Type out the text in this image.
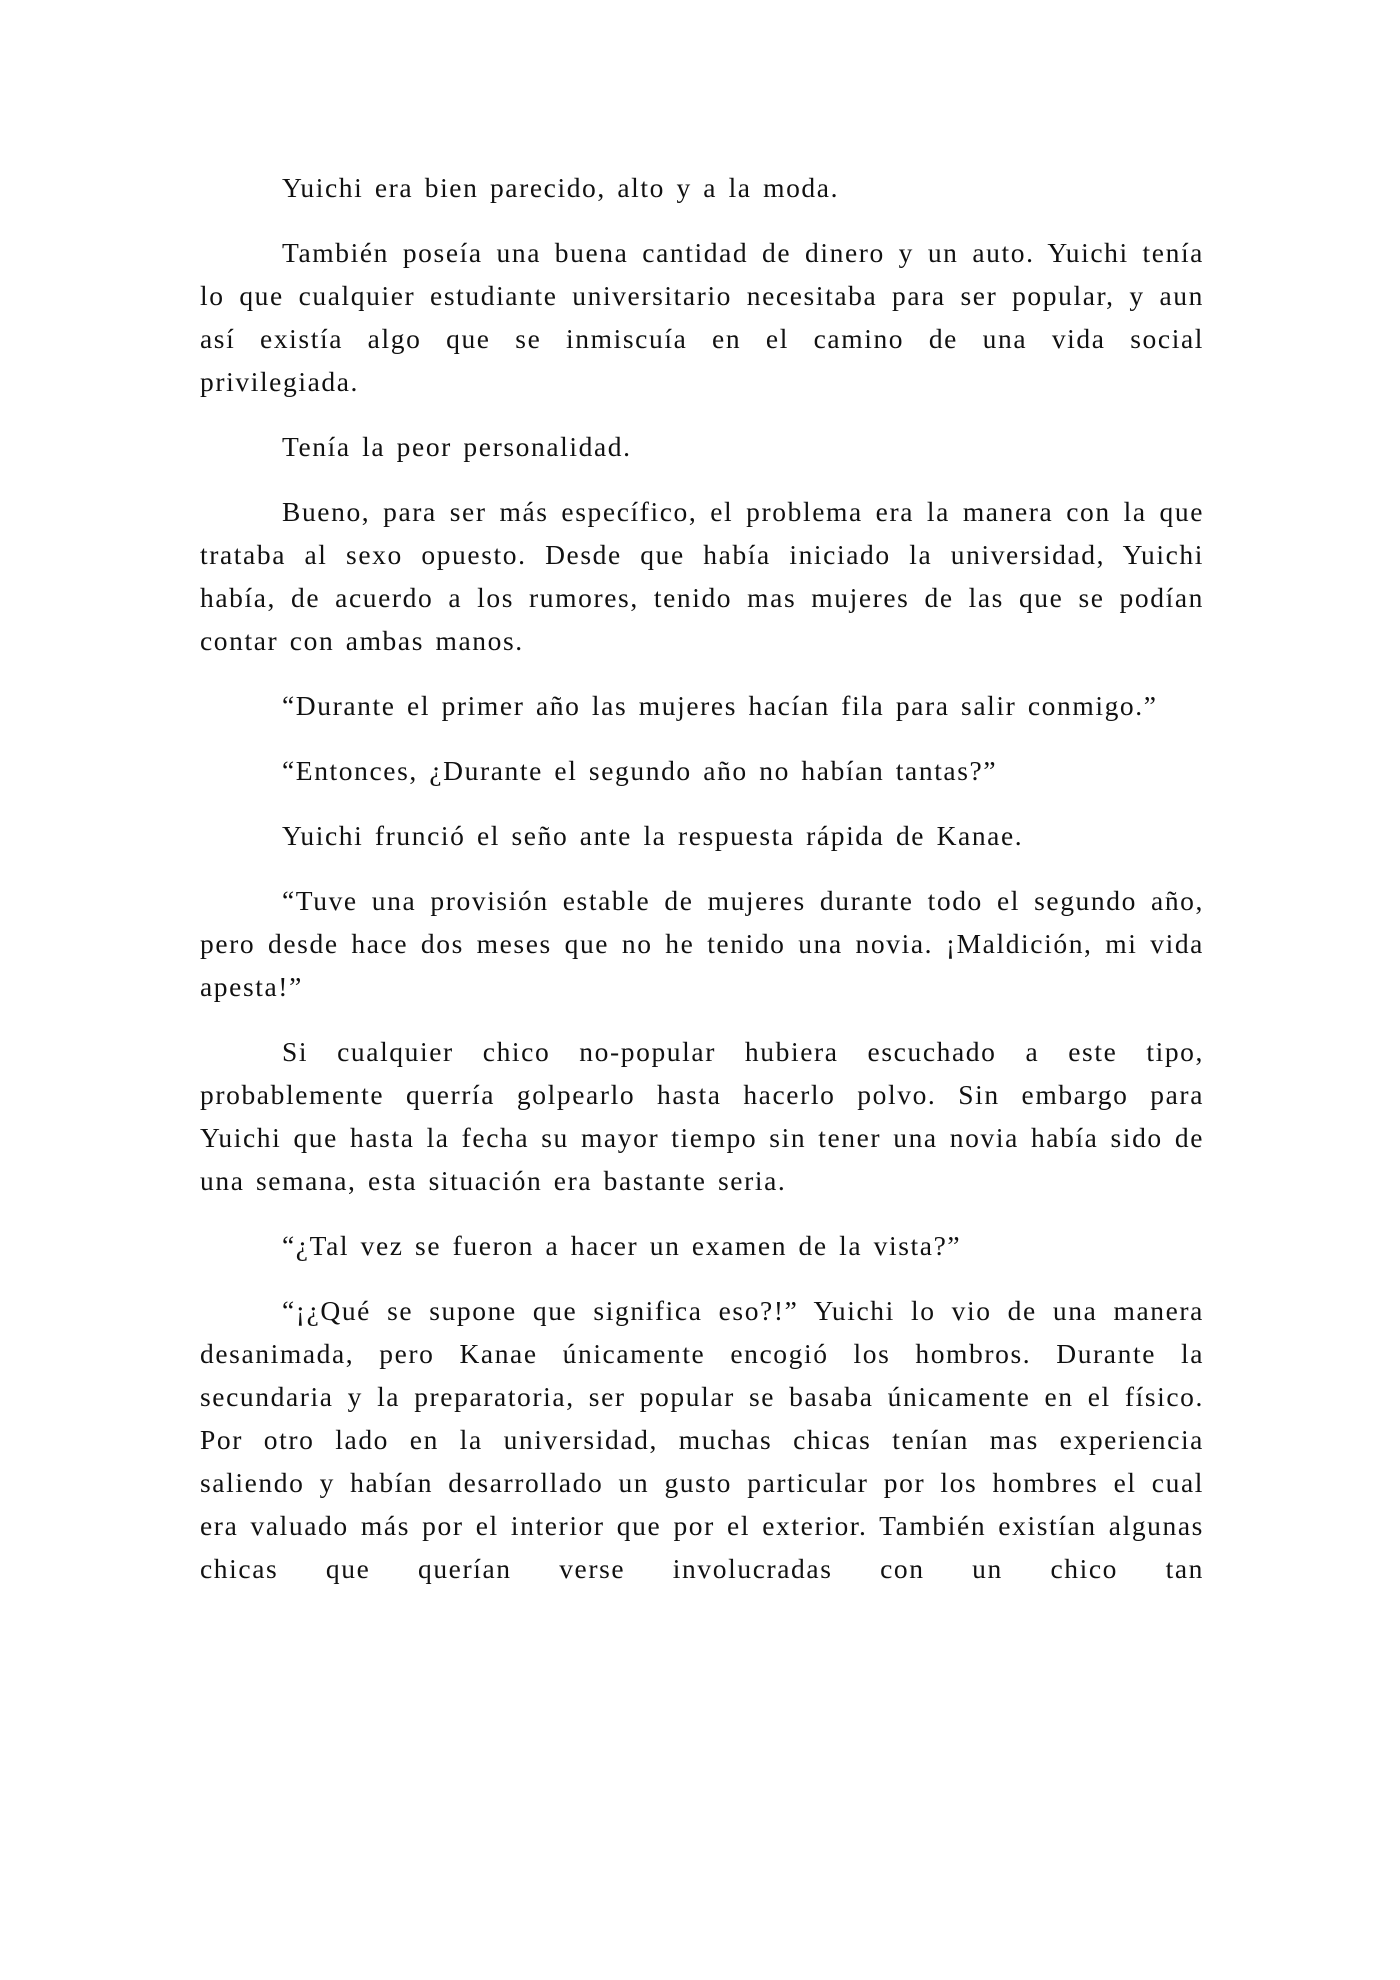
Yuichi era bien parecido, alto y a la moda.

También poseía una buena cantidad de dinero y un auto. Yuichi tenía lo que cualquier estudiante universitario necesitaba para ser popular, y aun así existía algo que se inmiscuía en el camino de una vida social privilegiada.

Tenía la peor personalidad.

Bueno, para ser más específico, el problema era la manera con la que trataba al sexo opuesto. Desde que había iniciado la universidad, Yuichi había, de acuerdo a los rumores, tenido mas mujeres de las que se podían contar con ambas manos.

“Durante el primer año las mujeres hacían fila para salir conmigo.”

“Entonces, ¿Durante el segundo año no habían tantas?”

Yuichi frunció el seño ante la respuesta rápida de Kanae.

“Tuve una provisión estable de mujeres durante todo el segundo año, pero desde hace dos meses que no he tenido una novia. ¡Maldición, mi vida apesta!”

Si cualquier chico no-popular hubiera escuchado a este tipo, probablemente querría golpearlo hasta hacerlo polvo. Sin embargo para Yuichi que hasta la fecha su mayor tiempo sin tener una novia había sido de una semana, esta situación era bastante seria.

“¿Tal vez se fueron a hacer un examen de la vista?”

“¡¿Qué se supone que significa eso?!” Yuichi lo vio de una manera desanimada, pero Kanae únicamente encogió los hombros. Durante la secundaria y la preparatoria, ser popular se basaba únicamente en el físico. Por otro lado en la universidad, muchas chicas tenían mas experiencia saliendo y habían desarrollado un gusto particular por los hombres el cual era valuado más por el interior que por el exterior. También existían algunas chicas que querían verse involucradas con un chico tan
